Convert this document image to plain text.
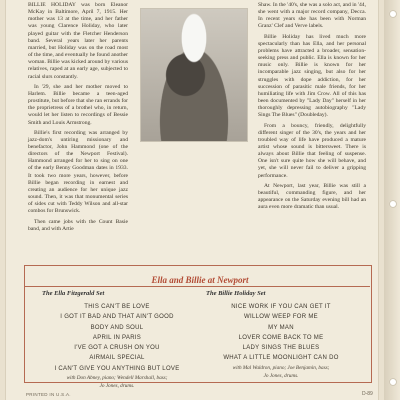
BILLIE HOLIDAY was born Eleanor McKay in Baltimore, April 7, 1915. Her mother was 13 at the time, and her father was young Clarence Holiday, who later played guitar with the Fletcher Henderson band. Several years later her parents married, but Holiday was on the road most of the time, and eventually he found another woman. Billie was kicked around by various relatives, raped at an early age, subjected to racial slurs constantly.

In '29, she and her mother moved to Harlem. Billie became a teen-aged prostitute, but before that she ran errands for the proprietress of a brothel who, in return, would let her listen to recordings of Bessie Smith and Louis Armstrong.

Billie's first recording was arranged by jazz-dom's untiring missionary and benefactor, John Hammond (one of the directors of the Newport Festival). Hammond arranged for her to sing on one of the early Benny Goodman dates in 1933. It took two more years, however, before Billie began recording in earnest and creating an audience for her unique jazz sound. Then, it was that monumental series of sides cut with Teddy Wilson and all-star combos for Brunswick.

Then came jobs with the Count Basie band, and with Artie

Shaw. In the '40's, she was a solo act, and in '44, she went with a major record company, Decca. In recent years she has been with Norman Granz' Clef and Verve labels.

Billie Holiday has lived much more spectacularly than has Ella, and her personal problems have attracted a broader, sensation-seeking press and public. Ella is known for her music only. Billie is known for her incomparable jazz singing, but also for her struggles with dope addiction, for her succession of parasitic male friends, for her humiliating life with Jim Crow. All of this has been documented by "Lady Day" herself in her thoroughly depressing autobiography "Lady Sings The Blues" (Doubleday).

From a bouncy, friendly, delightfully different singer of the 30's, the years and her troubled way of life have produced a mature artist whose sound is bittersweet. There is always about Billie that feeling of suspense. One isn't sure quite how she will behave, and yet, she will never fail to deliver a gripping performance.

At Newport, last year, Billie was still a beautiful, commanding figure, and her appearance on the Saturday evening bill had an aura even more dramatic than usual.

Ella and Billie at Newport
The Ella Fitzgerald Set
THIS CAN'T BE LOVE
I GOT IT BAD AND THAT AIN'T GOOD
BODY AND SOUL
APRIL IN PARIS
I'VE GOT A CRUSH ON YOU
AIRMAIL SPECIAL
I CAN'T GIVE YOU ANYTHING BUT LOVE
with Don Abney, piano; Wendell Marshall, bass;
Jo Jones, drums.
The Billie Holiday Set
NICE WORK IF YOU CAN GET IT
WILLOW WEEP FOR ME
MY MAN
LOVER COME BACK TO ME
LADY SINGS THE BLUES
WHAT A LITTLE MOONLIGHT CAN DO
with Mal Waldron, piano; Joe Benjamin, bass;
Jo Jones, drums.
PRINTED IN U.S.A.	D-89
